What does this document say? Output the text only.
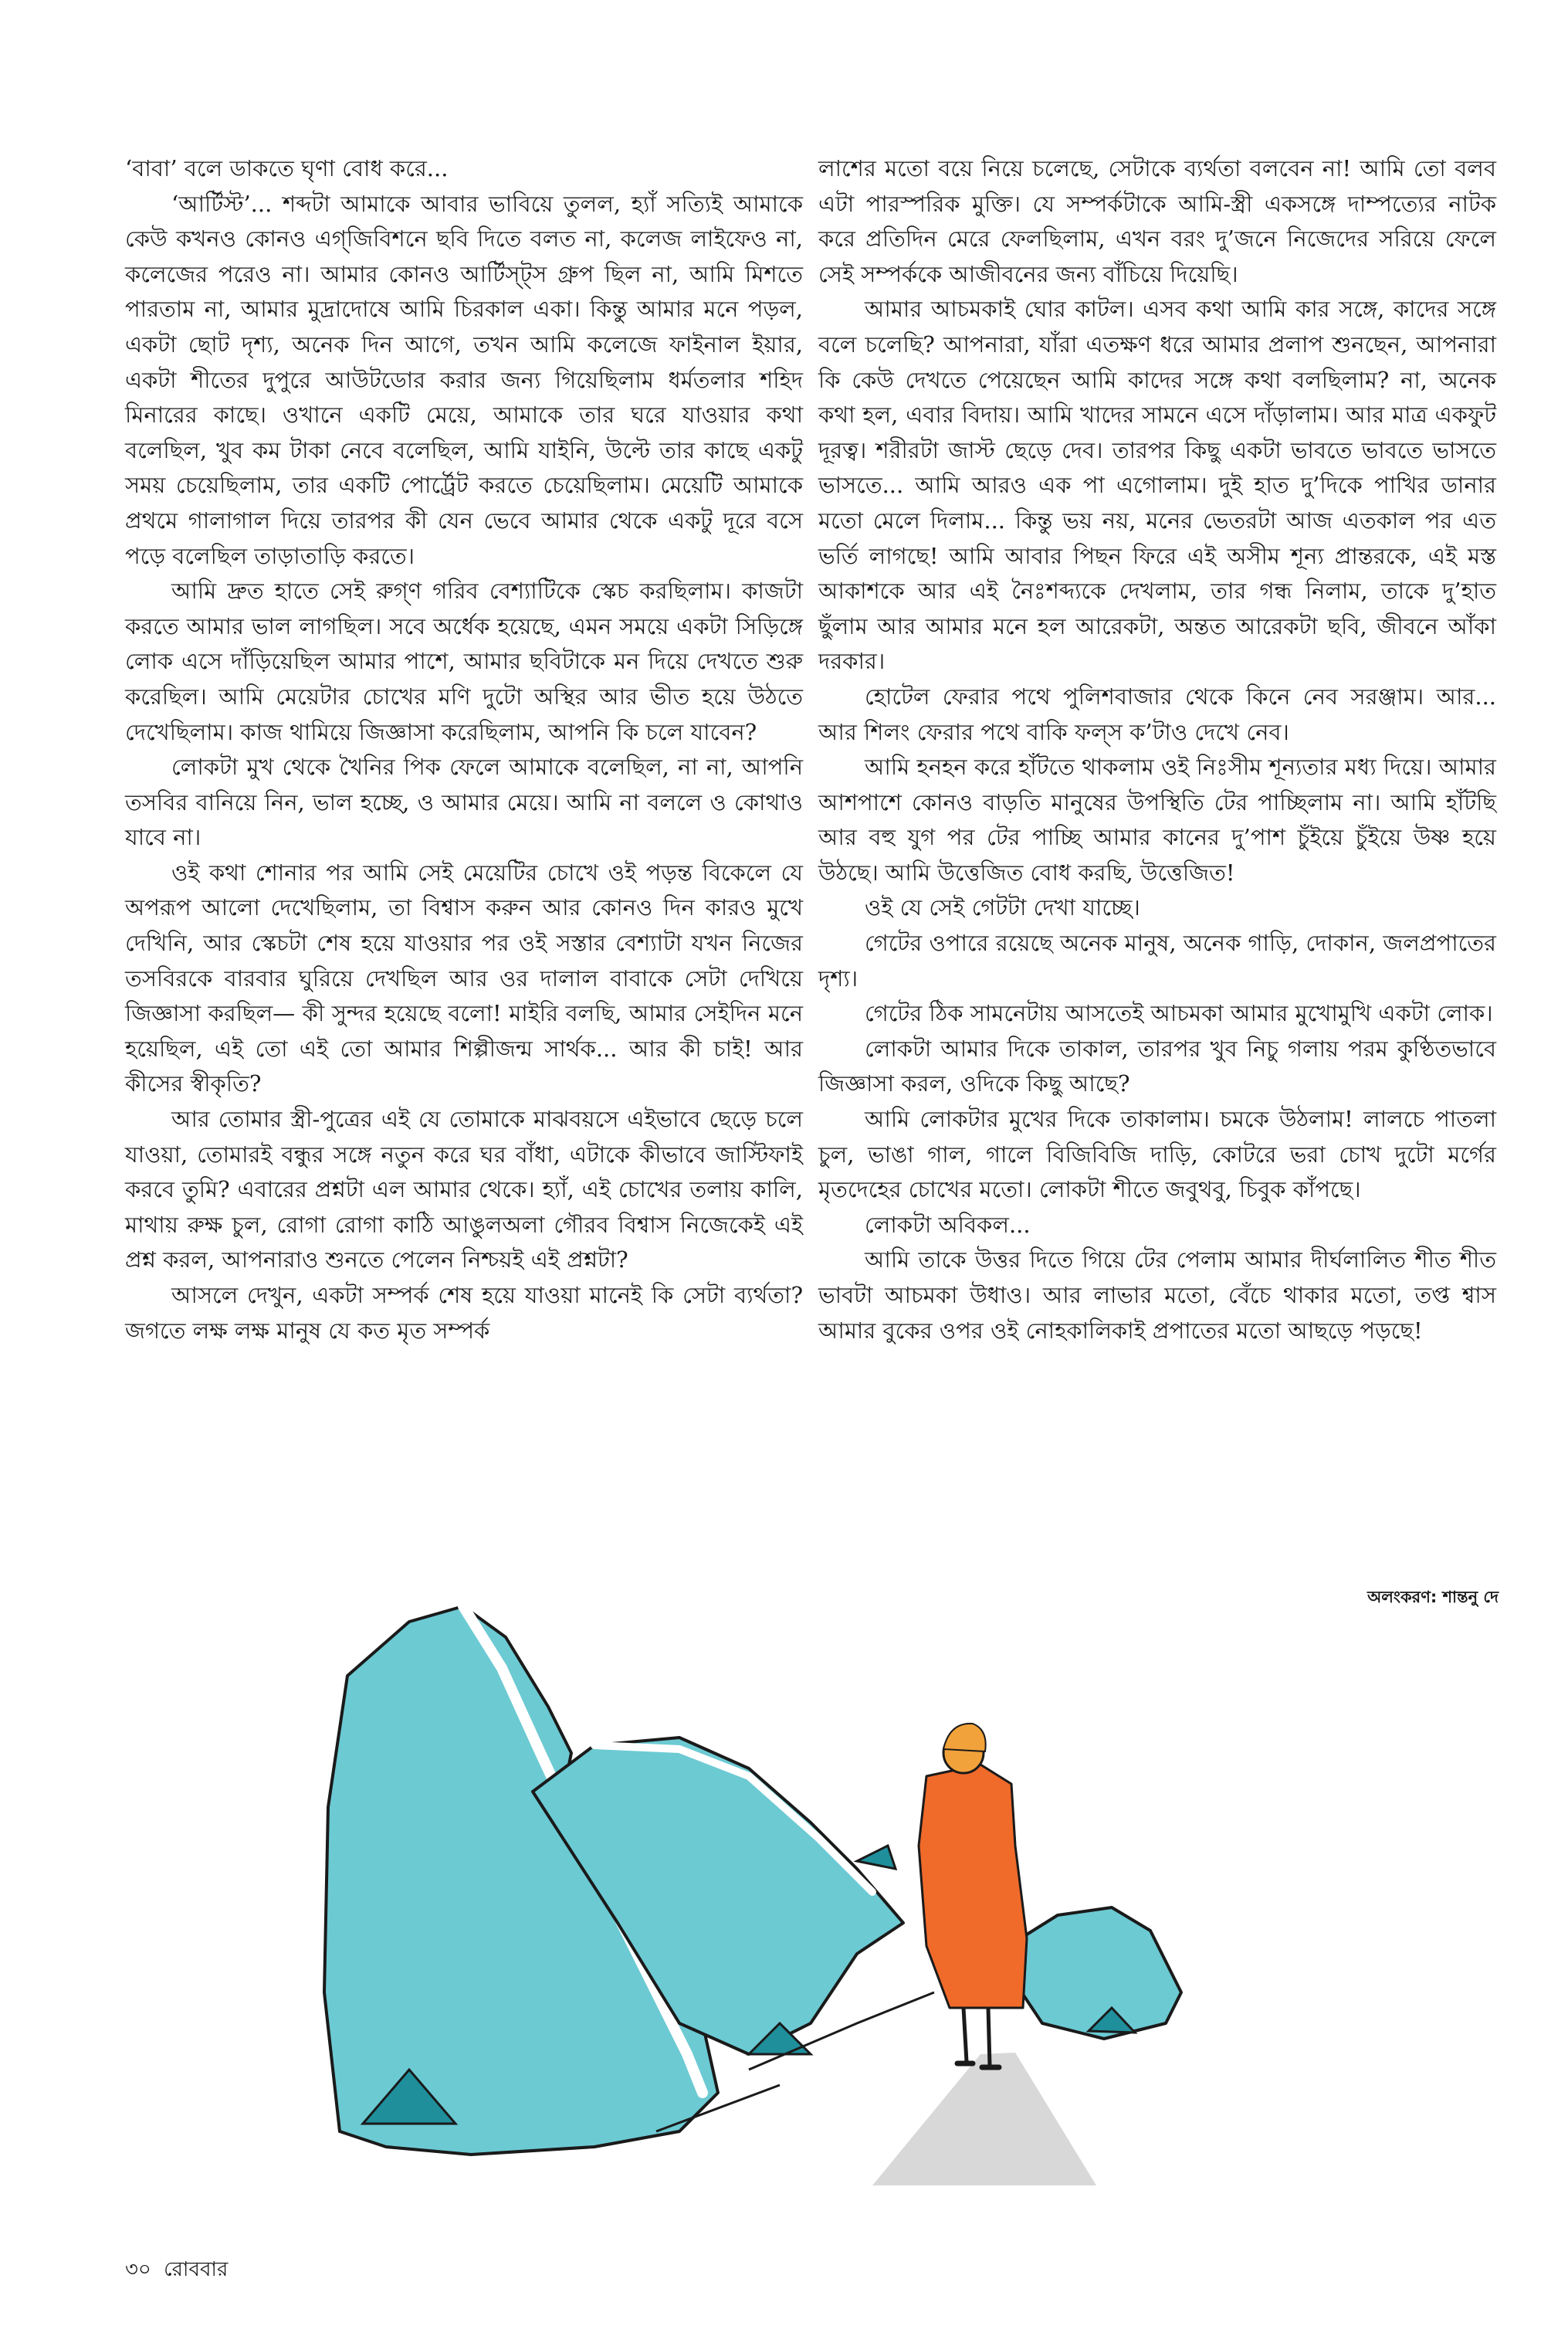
‘বাবা’ বলে ডাকতে ঘৃণা বোধ করে...

‘আর্টিস্ট’... শব্দটা আমাকে আবার ভাবিয়ে তুলল, হ্যাঁ সত্যিই আমাকে কেউ কখনও কোনও এগ্‌জিবিশনে ছবি দিতে বলত না, কলেজ লাইফেও না, কলেজের পরেও না। আমার কোনও আর্টিস্ট্‌স গ্রুপ ছিল না, আমি মিশতে পারতাম না, আমার মুদ্রাদোষে আমি চিরকাল একা। কিন্তু আমার মনে পড়ল, একটা ছোট দৃশ্য, অনেক দিন আগে, তখন আমি কলেজে ফাইনাল ইয়ার, একটা শীতের দুপুরে আউটডোর করার জন্য গিয়েছিলাম ধর্মতলার শহিদ মিনারের কাছে। ওখানে একটি মেয়ে, আমাকে তার ঘরে যাওয়ার কথা বলেছিল, খুব কম টাকা নেবে বলেছিল, আমি যাইনি, উল্টে তার কাছে একটু সময় চেয়েছিলাম, তার একটি পোর্ট্রেট করতে চেয়েছিলাম। মেয়েটি আমাকে প্রথমে গালাগাল দিয়ে তারপর কী যেন ভেবে আমার থেকে একটু দূরে বসে পড়ে বলেছিল তাড়াতাড়ি করতে।

আমি দ্রুত হাতে সেই রুগ্‌ণ গরিব বেশ্যাটিকে স্কেচ করছিলাম। কাজটা করতে আমার ভাল লাগছিল। সবে অর্ধেক হয়েছে, এমন সময়ে একটা সিড়িঙ্গে লোক এসে দাঁড়িয়েছিল আমার পাশে, আমার ছবিটাকে মন দিয়ে দেখতে শুরু করেছিল। আমি মেয়েটার চোখের মণি দুটো অস্থির আর ভীত হয়ে উঠতে দেখেছিলাম। কাজ থামিয়ে জিজ্ঞাসা করেছিলাম, আপনি কি চলে যাবেন?

লোকটা মুখ থেকে খৈনির পিক ফেলে আমাকে বলেছিল, না না, আপনি তসবির বানিয়ে নিন, ভাল হচ্ছে, ও আমার মেয়ে। আমি না বললে ও কোথাও যাবে না।

ওই কথা শোনার পর আমি সেই মেয়েটির চোখে ওই পড়ন্ত বিকেলে যে অপরূপ আলো দেখেছিলাম, তা বিশ্বাস করুন আর কোনও দিন কারও মুখে দেখিনি, আর স্কেচটা শেষ হয়ে যাওয়ার পর ওই সস্তার বেশ্যাটা যখন নিজের তসবিরকে বারবার ঘুরিয়ে দেখছিল আর ওর দালাল বাবাকে সেটা দেখিয়ে জিজ্ঞাসা করছিল— কী সুন্দর হয়েছে বলো! মাইরি বলছি, আমার সেইদিন মনে হয়েছিল, এই তো এই তো আমার শিল্পীজন্ম সার্থক... আর কী চাই! আর কীসের স্বীকৃতি?

আর তোমার স্ত্রী-পুত্রের এই যে তোমাকে মাঝবয়সে এইভাবে ছেড়ে চলে যাওয়া, তোমারই বন্ধুর সঙ্গে নতুন করে ঘর বাঁধা, এটাকে কীভাবে জাস্টিফাই করবে তুমি? এবারের প্রশ্নটা এল আমার থেকে। হ্যাঁ, এই চোখের তলায় কালি, মাথায় রুক্ষ চুল, রোগা রোগা কাঠি আঙুলঅলা গৌরব বিশ্বাস নিজেকেই এই প্রশ্ন করল, আপনারাও শুনতে পেলেন নিশ্চয়ই এই প্রশ্নটা?

আসলে দেখুন, একটা সম্পর্ক শেষ হয়ে যাওয়া মানেই কি সেটা ব্যর্থতা? জগতে লক্ষ লক্ষ মানুষ যে কত মৃত সম্পর্ক

লাশের মতো বয়ে নিয়ে চলেছে, সেটাকে ব্যর্থতা বলবেন না! আমি তো বলব এটা পারস্পরিক মুক্তি। যে সম্পর্কটাকে আমি-স্ত্রী একসঙ্গে দাম্পত্যের নাটক করে প্রতিদিন মেরে ফেলছিলাম, এখন বরং দু’জনে নিজেদের সরিয়ে ফেলে সেই সম্পর্ককে আজীবনের জন্য বাঁচিয়ে দিয়েছি।

আমার আচমকাই ঘোর কাটল। এসব কথা আমি কার সঙ্গে, কাদের সঙ্গে বলে চলেছি? আপনারা, যাঁরা এতক্ষণ ধরে আমার প্রলাপ শুনছেন, আপনারা কি কেউ দেখতে পেয়েছেন আমি কাদের সঙ্গে কথা বলছিলাম? না, অনেক কথা হল, এবার বিদায়। আমি খাদের সামনে এসে দাঁড়ালাম। আর মাত্র একফুট দূরত্ব। শরীরটা জাস্ট ছেড়ে দেব। তারপর কিছু একটা ভাবতে ভাবতে ভাসতে ভাসতে... আমি আরও এক পা এগোলাম। দুই হাত দু’দিকে পাখির ডানার মতো মেলে দিলাম... কিন্তু ভয় নয়, মনের ভেতরটা আজ এতকাল পর এত ভর্তি লাগছে! আমি আবার পিছন ফিরে এই অসীম শূন্য প্রান্তরকে, এই মস্ত আকাশকে আর এই নৈঃশব্দ্যকে দেখলাম, তার গন্ধ নিলাম, তাকে দু’হাত ছুঁলাম আর আমার মনে হল আরেকটা, অন্তত আরেকটা ছবি, জীবনে আঁকা দরকার।

হোটেল ফেরার পথে পুলিশবাজার থেকে কিনে নেব সরঞ্জাম। আর... আর শিলং ফেরার পথে বাকি ফল্‌স ক’টাও দেখে নেব।

আমি হনহন করে হাঁটতে থাকলাম ওই নিঃসীম শূন্যতার মধ্য দিয়ে। আমার আশপাশে কোনও বাড়তি মানুষের উপস্থিতি টের পাচ্ছিলাম না। আমি হাঁটছি আর বহু যুগ পর টের পাচ্ছি আমার কানের দু’পাশ চুঁইয়ে চুঁইয়ে উষ্ণ হয়ে উঠছে। আমি উত্তেজিত বোধ করছি, উত্তেজিত!

ওই যে সেই গেটটা দেখা যাচ্ছে।

গেটের ওপারে রয়েছে অনেক মানুষ, অনেক গাড়ি, দোকান, জলপ্রপাতের দৃশ্য।

গেটের ঠিক সামনেটায় আসতেই আচমকা আমার মুখোমুখি একটা লোক।

লোকটা আমার দিকে তাকাল, তারপর খুব নিচু গলায় পরম কুণ্ঠিতভাবে জিজ্ঞাসা করল, ওদিকে কিছু আছে?

আমি লোকটার মুখের দিকে তাকালাম। চমকে উঠলাম! লালচে পাতলা চুল, ভাঙা গাল, গালে বিজিবিজি দাড়ি, কোটরে ভরা চোখ দুটো মর্গের মৃতদেহের চোখের মতো। লোকটা শীতে জবুথবু, চিবুক কাঁপছে।

লোকটা অবিকল...

আমি তাকে উত্তর দিতে গিয়ে টের পেলাম আমার দীর্ঘলালিত শীত শীত ভাবটা আচমকা উধাও। আর লাভার মতো, বেঁচে থাকার মতো, তপ্ত শ্বাস আমার বুকের ওপর ওই নোহকালিকাই প্রপাতের মতো আছড়ে পড়ছে!

অলংকরণ: শান্তনু দে
৩০ রোববার
